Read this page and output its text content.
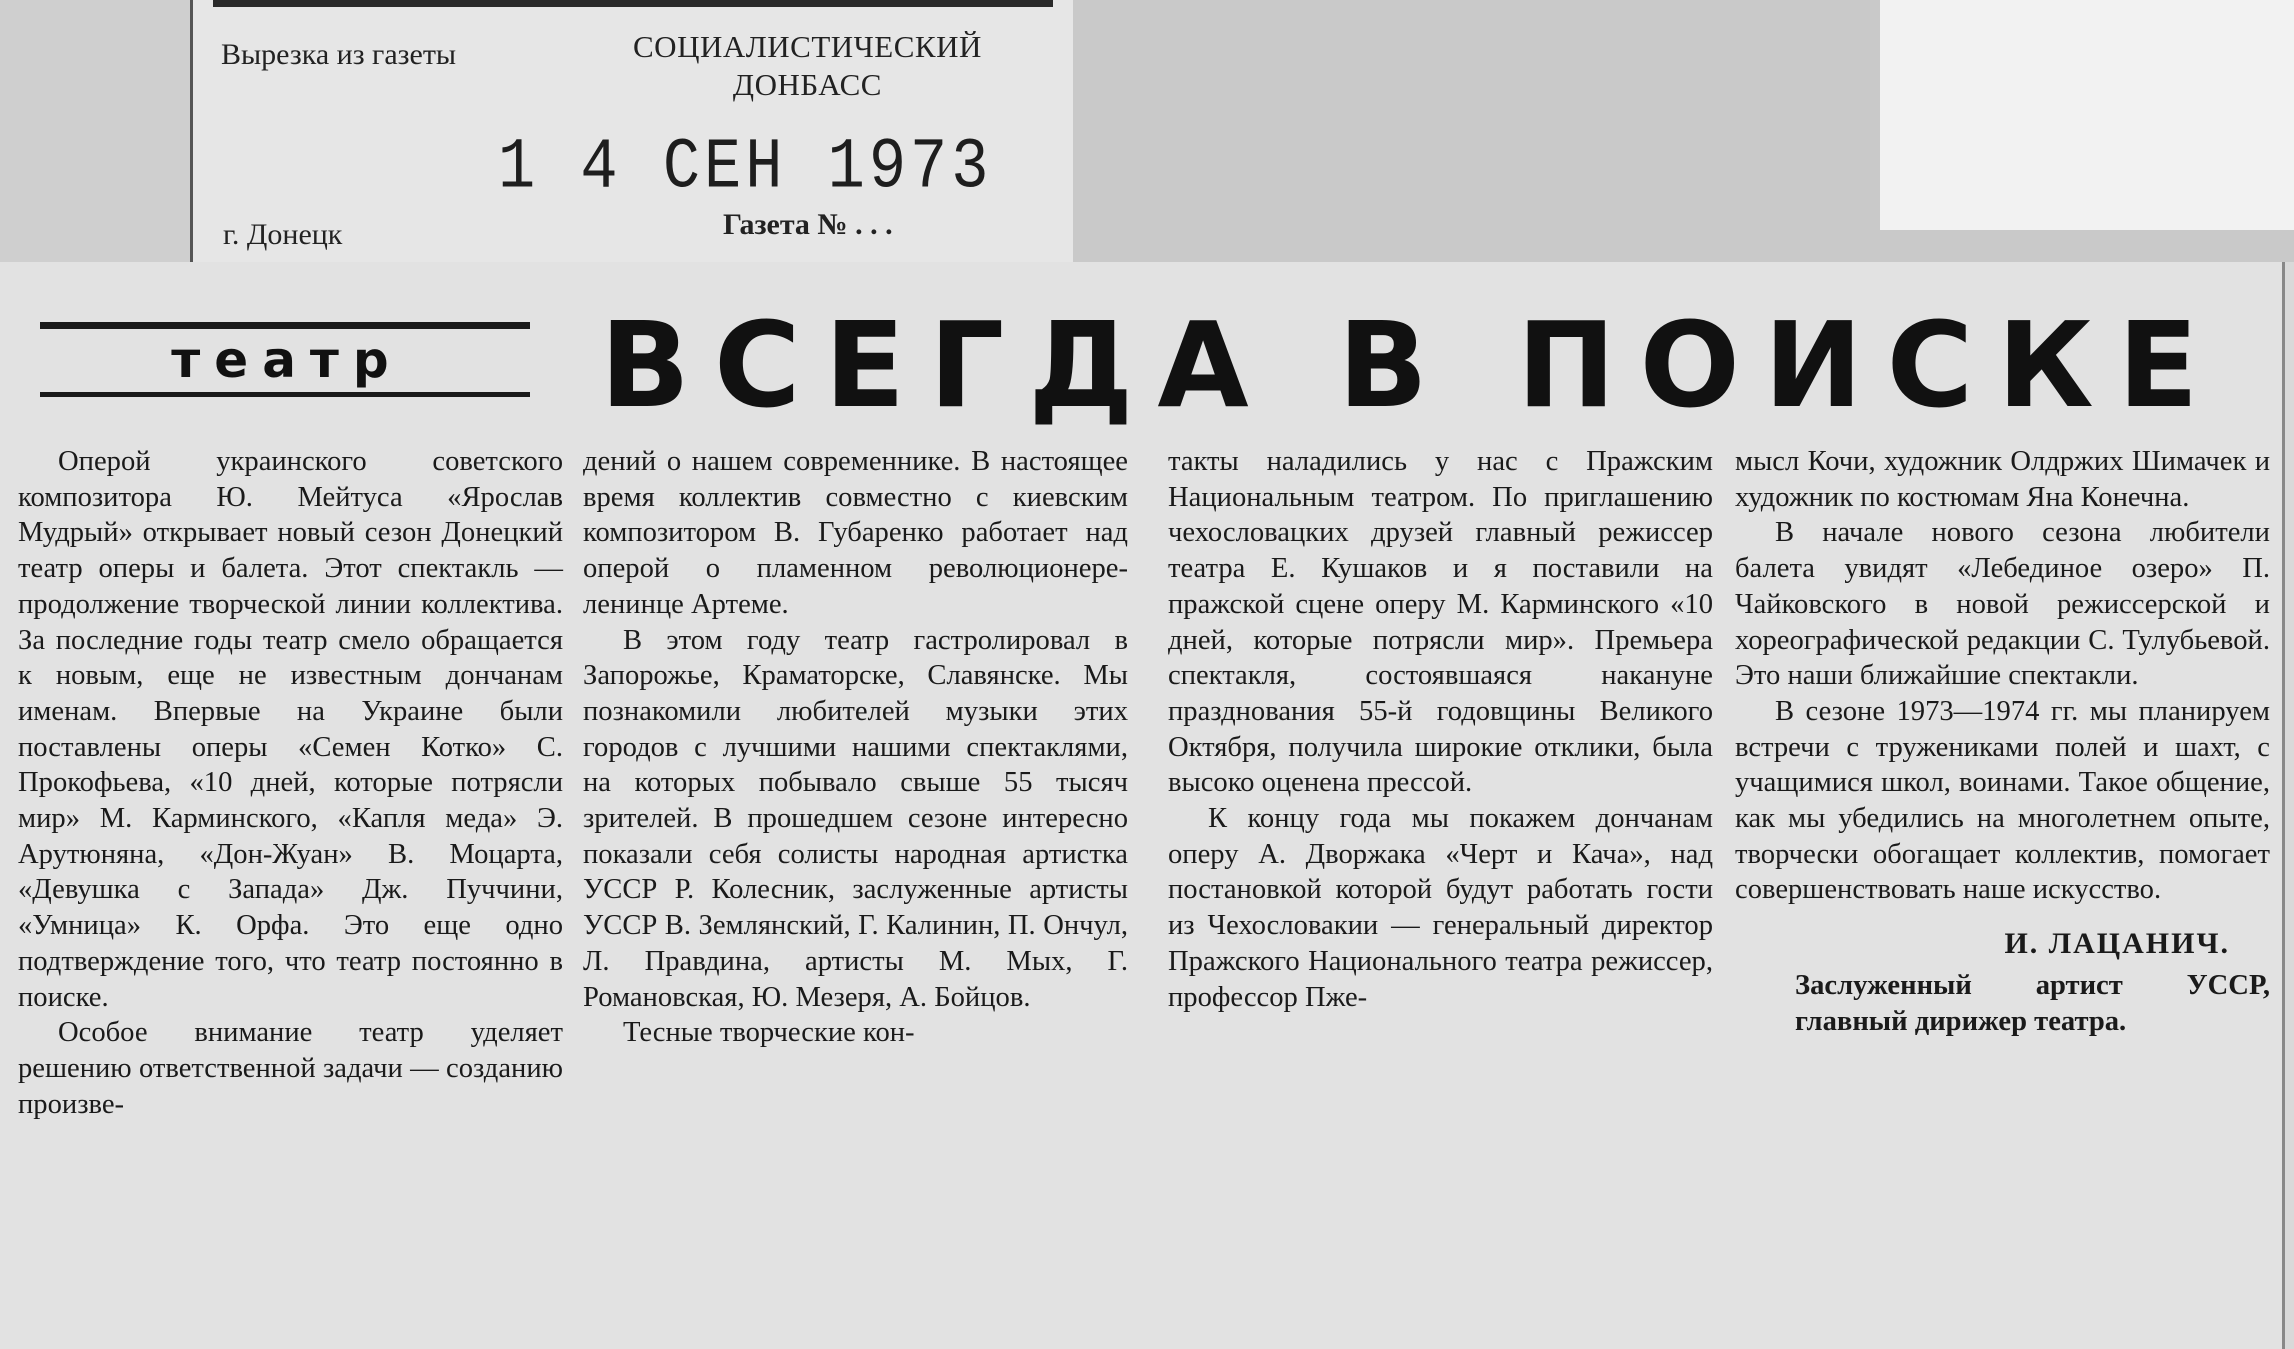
Вырезка из газеты	СОЦИАЛИСТИЧЕСКИЙ
ДОНБАСС
1 4 СЕН 1973
г. Донецк	Газета № . . .
театр	ВСЕГДА В ПОИСКЕ

Оперой украинского советского композитора Ю. Мейтуса «Ярослав Мудрый» открывает новый сезон Донецкий театр оперы и балета. Этот спектакль — продолжение творческой линии коллектива. За последние годы театр смело обращается к новым, еще не известным дончанам именам. Впервые на Украине были поставлены оперы «Семен Котко» С. Прокофьева, «10 дней, которые потрясли мир» М. Карминского, «Капля меда» Э. Арутюняна, «Дон-Жуан» В. Моцарта, «Девушка с Запада» Дж. Пуччини, «Умница» К. Орфа. Это еще одно подтверждение того, что театр постоянно в поиске.

Особое внимание театр уделяет решению ответственной задачи — созданию произве-

дений о нашем современнике. В настоящее время коллектив совместно с киевским композитором В. Губаренко работает над оперой о пламенном революционере-ленинце Артеме.

В этом году театр гастролировал в Запорожье, Краматорске, Славянске. Мы познакомили любителей музыки этих городов с лучшими нашими спектаклями, на которых побывало свыше 55 тысяч зрителей. В прошедшем сезоне интересно показали себя солисты народная артистка УССР Р. Колесник, заслуженные артисты УССР В. Землянский, Г. Калинин, П. Ончул, Л. Правдина, артисты М. Мых, Г. Романовская, Ю. Мезеря, А. Бойцов.

Тесные творческие кон-

такты наладились у нас с Пражским Национальным театром. По приглашению чехословацких друзей главный режиссер театра Е. Кушаков и я поставили на пражской сцене оперу М. Карминского «10 дней, которые потрясли мир». Премьера спектакля, состоявшаяся накануне празднования 55-й годовщины Великого Октября, получила широкие отклики, была высоко оценена прессой.

К концу года мы покажем дончанам оперу А. Дворжака «Черт и Кача», над постановкой которой будут работать гости из Чехословакии — генеральный директор Пражского Национального театра режиссер, профессор Пже-

мысл Кочи, художник Олдржих Шимачек и художник по костюмам Яна Конечна.

В начале нового сезона любители балета увидят «Лебединое озеро» П. Чайковского в новой режиссерской и хореографической редакции С. Тулубьевой. Это наши ближайшие спектакли.

В сезоне 1973—1974 гг. мы планируем встречи с тружениками полей и шахт, с учащимися школ, воинами. Такое общение, как мы убедились на многолетнем опыте, творчески обогащает коллектив, помогает совершенствовать наше искусство.

И. ЛАЦАНИЧ.
Заслуженный артист УССР, главный дирижер театра.
